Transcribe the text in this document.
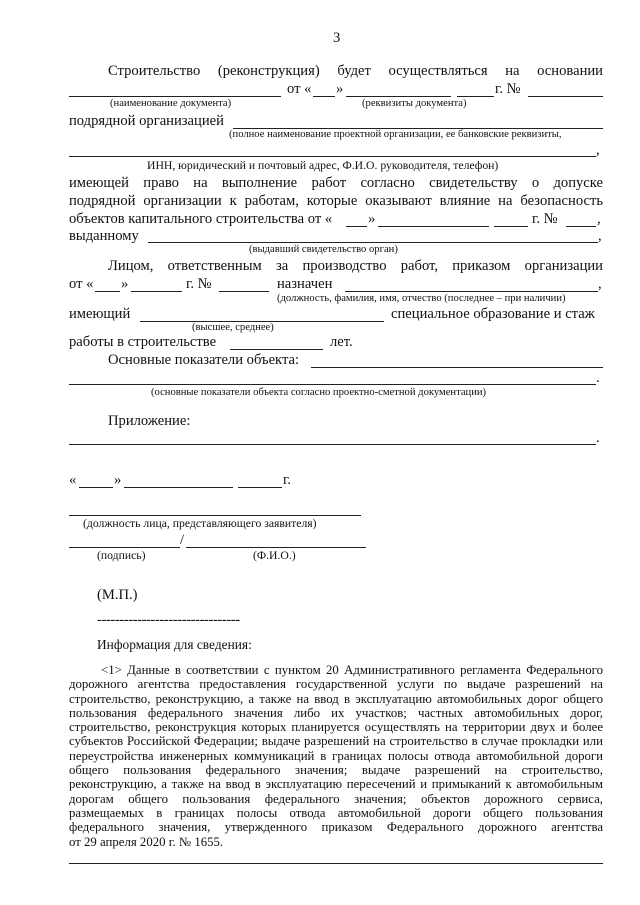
3
Строительство (реконструкция) будет осуществляться на основании
от « »	г. №
(наименование документа)	(реквизиты документа)
подрядной организацией
(полное наименование проектной организации, ее банковские реквизиты,
,
ИНН, юридический и почтовый адрес, Ф.И.О. руководителя, телефон)
имеющей право на выполнение работ согласно свидетельству о допуске
подрядной организации к работам, которые оказывают влияние на безопасность
объектов капитального строительства от « »	г. №	,
выданному	,
(выдавший свидетельство орган)
Лицом, ответственным за производство работ, приказом организации
от « »	г. №	назначен	,
(должность, фамилия, имя, отчество (последнее – при наличии)
имеющий	специальное образование и стаж
(высшее, среднее)
работы в строительстве	лет.
Основные показатели объекта:
.
(основные показатели объекта согласно проектно-сметной документации)
Приложение:
.
«	»	г.
(должность лица, представляющего заявителя)
/
(подпись)	(Ф.И.О.)
(М.П.)
--------------------------------
Информация для сведения:

<1> Данные в соответствии с пунктом 20 Административного регламента Федерального

дорожного агентства предоставления государственной услуги по выдаче разрешений на

строительство, реконструкцию, а также на ввод в эксплуатацию автомобильных дорог общего

пользования федерального значения либо их участков; частных автомобильных дорог,

строительство, реконструкция которых планируется осуществлять на территории двух и более

субъектов Российской Федерации; выдаче разрешений на строительство в случае прокладки или

переустройства инженерных коммуникаций в границах полосы отвода автомобильной дороги

общего пользования федерального значения; выдаче разрешений на строительство,

реконструкцию, а также на ввод в эксплуатацию пересечений и примыканий к автомобильным

дорогам общего пользования федерального значения; объектов дорожного сервиса,

размещаемых в границах полосы отвода автомобильной дороги общего пользования

федерального значения, утвержденного приказом Федерального дорожного агентства

от 29 апреля 2020 г. № 1655.
